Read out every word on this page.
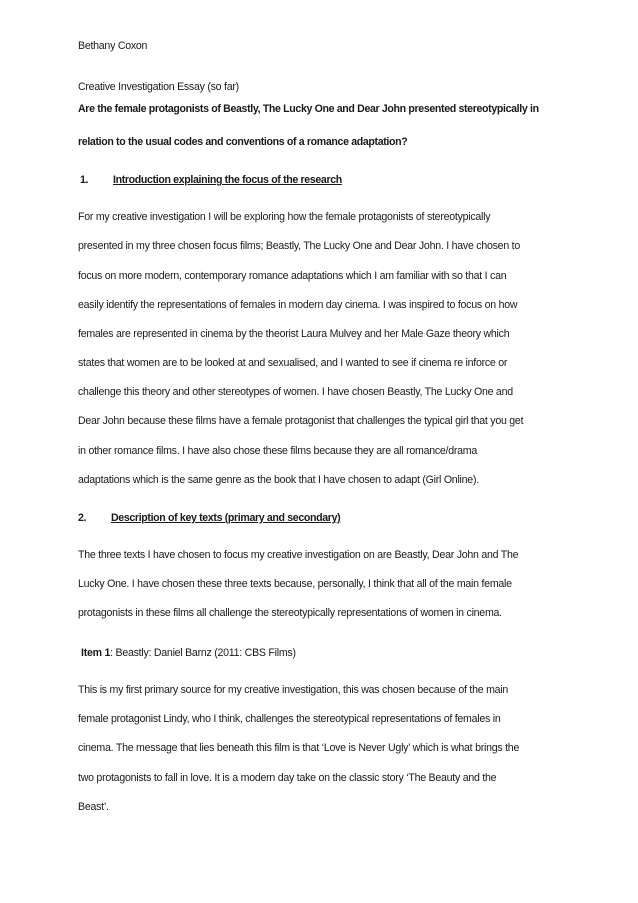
Bethany Coxon
Creative Investigation Essay (so far)
Are the female protagonists of Beastly, The Lucky One and Dear John presented stereotypically in
relation to the usual codes and conventions of a romance adaptation?
1. Introduction explaining the focus of the research
For my creative investigation I will be exploring how the female protagonists of stereotypically
presented in my three chosen focus films; Beastly, The Lucky One and Dear John. I have chosen to
focus on more modern, contemporary romance adaptations which I am familiar with so that I can
easily identify the representations of females in modern day cinema. I was inspired to focus on how
females are represented in cinema by the theorist Laura Mulvey and her Male Gaze theory which
states that women are to be looked at and sexualised, and I wanted to see if cinema re inforce or
challenge this theory and other stereotypes of women. I have chosen Beastly, The Lucky One and
Dear John because these films have a female protagonist that challenges the typical girl that you get
in other romance films. I have also chose these films because they are all romance/drama
adaptations which is the same genre as the book that I have chosen to adapt (Girl Online).
2. Description of key texts (primary and secondary)
The three texts I have chosen to focus my creative investigation on are Beastly, Dear John and The
Lucky One. I have chosen these three texts because, personally, I think that all of the main female
protagonists in these films all challenge the stereotypically representations of women in cinema.
Item 1: Beastly: Daniel Barnz (2011: CBS Films)
This is my first primary source for my creative investigation, this was chosen because of the main
female protagonist Lindy, who I think, challenges the stereotypical representations of females in
cinema. The message that lies beneath this film is that ‘Love is Never Ugly’ which is what brings the
two protagonists to fall in love. It is a modern day take on the classic story ‘The Beauty and the
Beast’.
